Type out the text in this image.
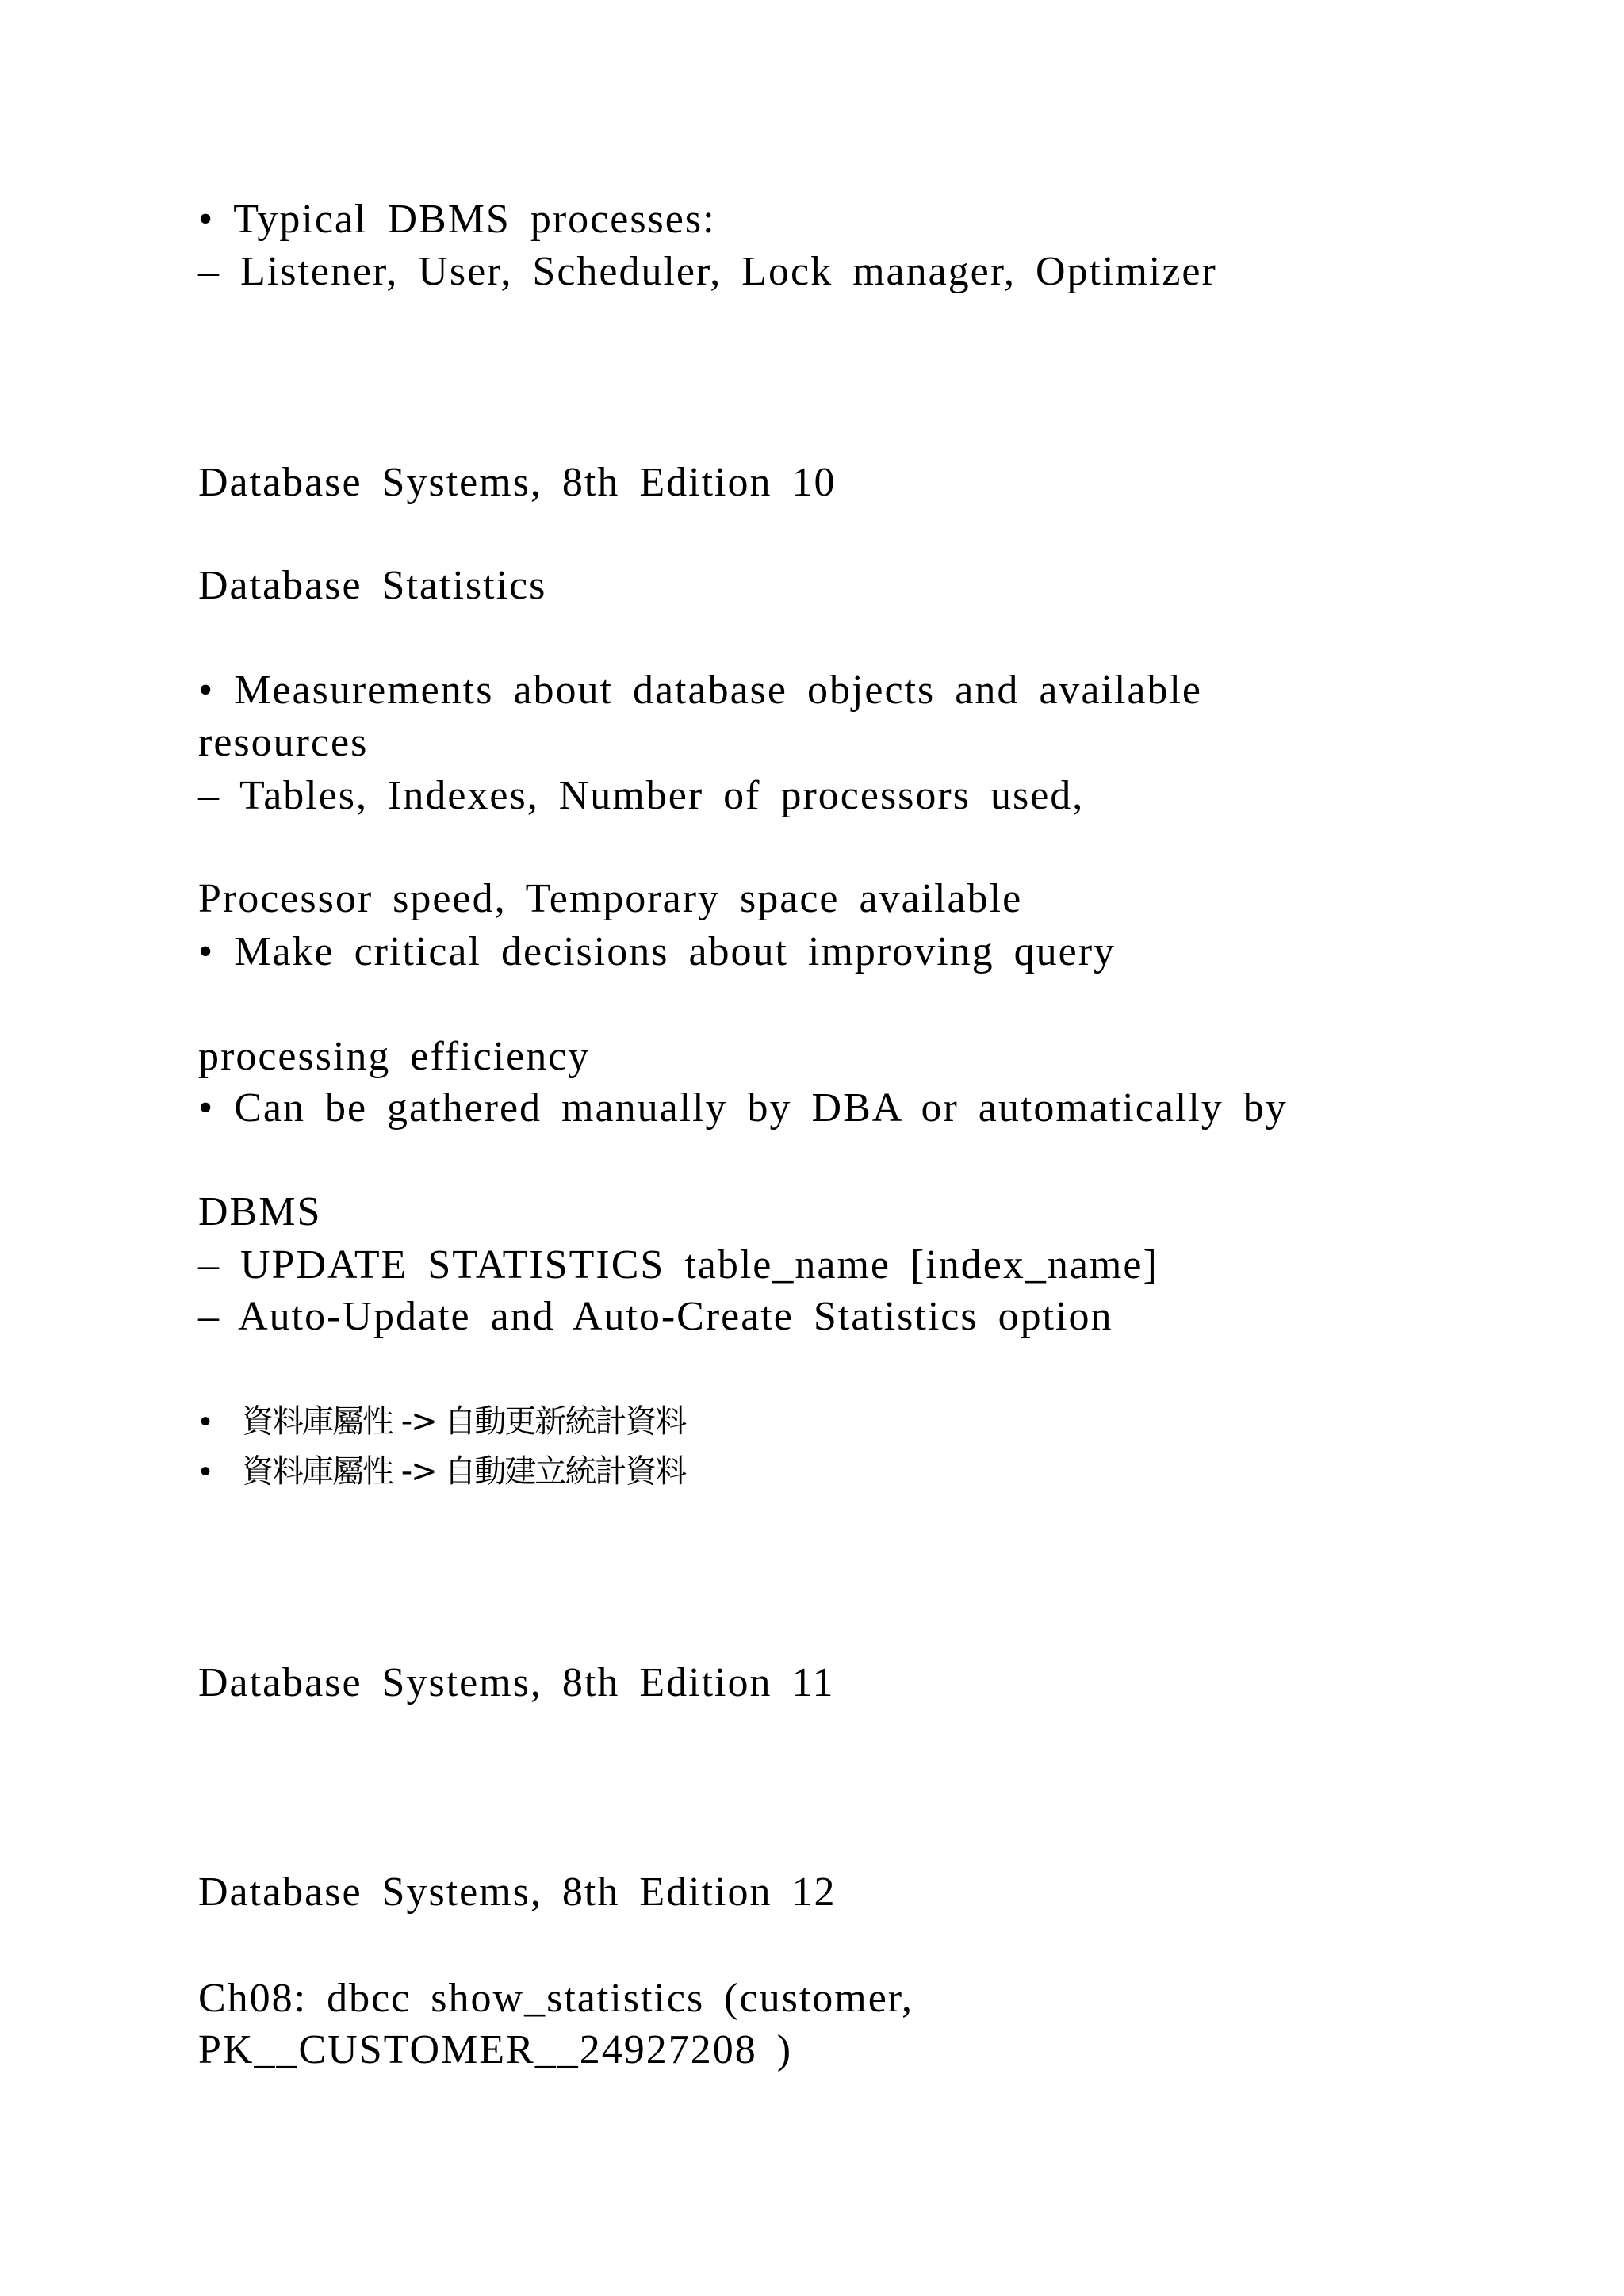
• Typical DBMS processes:
– Listener, User, Scheduler, Lock manager, Optimizer
Database Systems, 8th Edition 10
Database Statistics
• Measurements about database objects and available
resources
– Tables, Indexes, Number of processors used,
Processor speed, Temporary space available
• Make critical decisions about improving query
processing efficiency
• Can be gathered manually by DBA or automatically by
DBMS
– UPDATE STATISTICS table_name [index_name]
– Auto-Update and Auto-Create Statistics option
• 資料庫屬性 -> 自動更新統計資料
• 資料庫屬性 -> 自動建立統計資料
Database Systems, 8th Edition 11
Database Systems, 8th Edition 12
Ch08: dbcc show_statistics (customer,
PK__CUSTOMER__24927208 )
